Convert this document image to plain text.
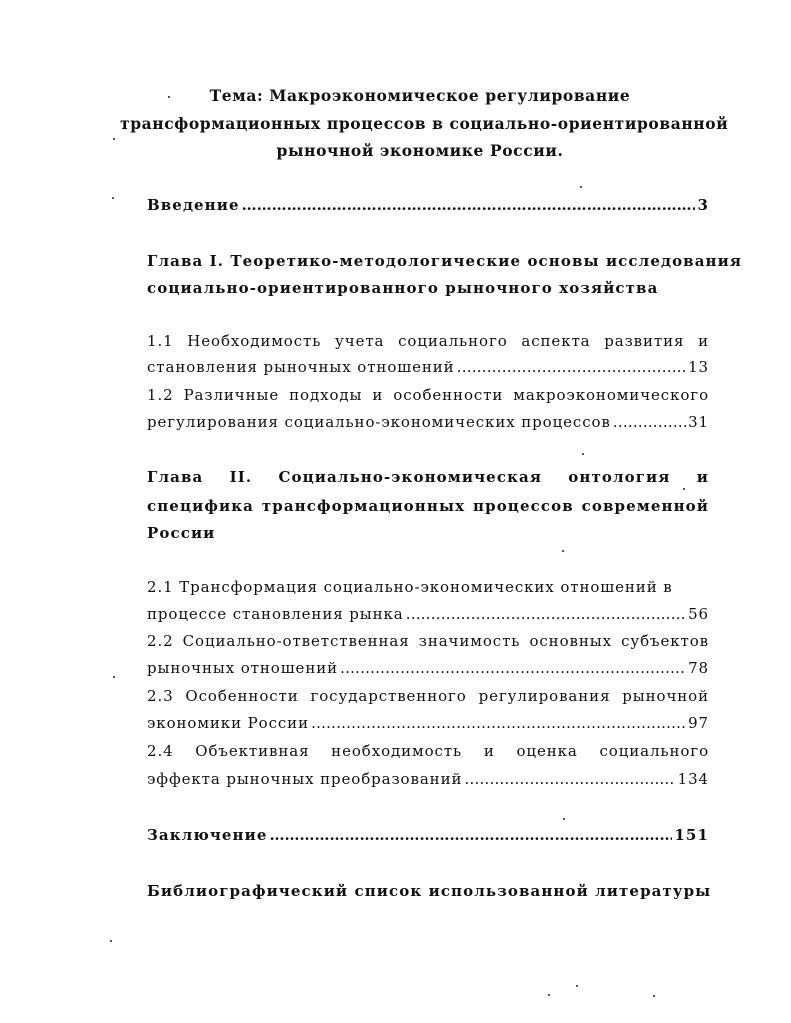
Тема: Макроэкономическое регулирование
трансформационных процессов в социально-ориентированной
рыночной экономике России.
Введение ……………………………………………………………………………………………………………………………………………………	3
Глава I. Теоретико-методологические основы исследования
социально-ориентированного рыночного хозяйства
1.1 Необходимость учета социального аспекта развития и
становления рыночных отношений ……………………………………………………………………………………………………………………………………………………	13
1.2 Различные подходы и особенности макроэкономического
регулирования социально-экономических процессов ……………………………………………………………………………………………………………………………………………………	31
Глава II. Социально-экономическая онтология и
специфика трансформационных процессов современной
России
2.1 Трансформация социально-экономических отношений в
процессе становления рынка ……………………………………………………………………………………………………………………………………………………	56
2.2 Социально-ответственная значимость основных субъектов
рыночных отношений ……………………………………………………………………………………………………………………………………………………	78
2.3 Особенности государственного регулирования рыночной
экономики России ……………………………………………………………………………………………………………………………………………………	97
2.4 Объективная необходимость и оценка социального
эффекта рыночных преобразований ……………………………………………………………………………………………………………………………………………………	134
Заключение ……………………………………………………………………………………………………………………………………………………	151
Библиографический список использованной литературы
